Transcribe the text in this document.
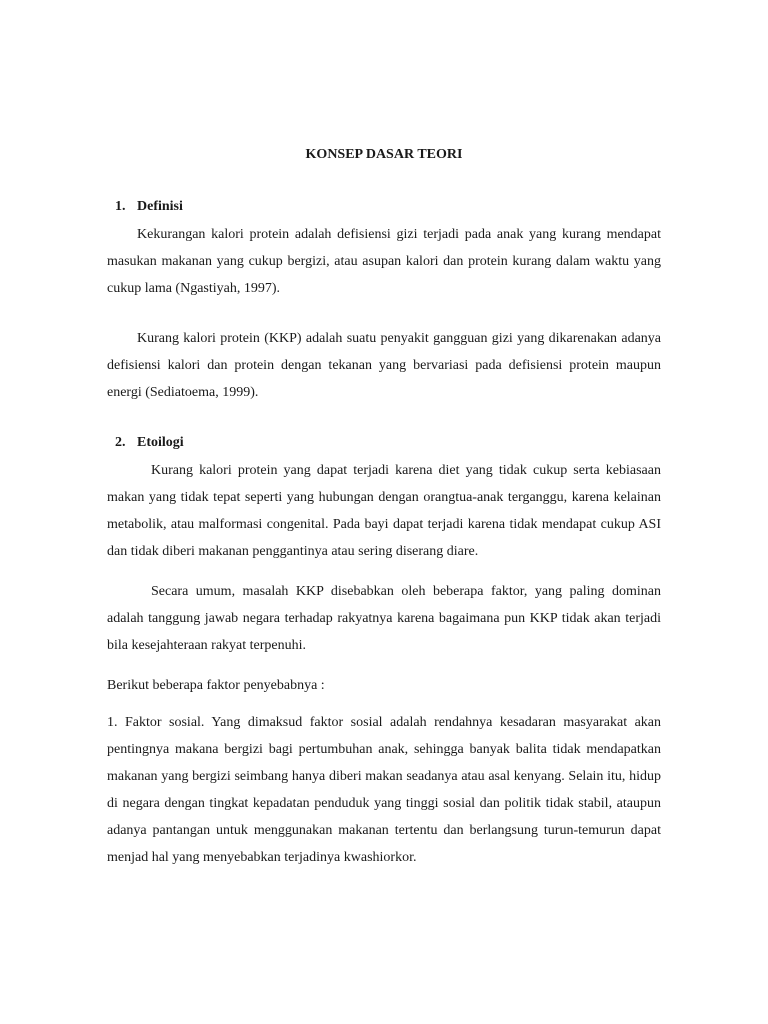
KONSEP DASAR TEORI
1. Definisi

Kekurangan kalori protein adalah defisiensi gizi terjadi pada anak yang kurang mendapat masukan makanan yang cukup bergizi, atau asupan kalori dan protein kurang dalam waktu yang cukup lama (Ngastiyah, 1997).

Kurang kalori protein (KKP) adalah suatu penyakit gangguan gizi yang dikarenakan adanya defisiensi kalori dan protein dengan tekanan yang bervariasi pada defisiensi protein maupun energi (Sediatoema, 1999).

2. Etoilogi

Kurang kalori protein yang dapat terjadi karena diet yang tidak cukup serta kebiasaan makan yang tidak tepat seperti yang hubungan dengan orangtua-anak terganggu, karena kelainan metabolik, atau malformasi congenital. Pada bayi dapat terjadi karena tidak mendapat cukup ASI dan tidak diberi makanan penggantinya atau sering diserang diare.

Secara umum, masalah KKP disebabkan oleh beberapa faktor, yang paling dominan adalah tanggung jawab negara terhadap rakyatnya karena bagaimana pun KKP tidak akan terjadi bila kesejahteraan rakyat terpenuhi.

Berikut beberapa faktor penyebabnya :

1. Faktor sosial. Yang dimaksud faktor sosial adalah rendahnya kesadaran masyarakat akan pentingnya makana bergizi bagi pertumbuhan anak, sehingga banyak balita tidak mendapatkan makanan yang bergizi seimbang hanya diberi makan seadanya atau asal kenyang. Selain itu, hidup di negara dengan tingkat kepadatan penduduk yang tinggi sosial dan politik tidak stabil, ataupun adanya pantangan untuk menggunakan makanan tertentu dan berlangsung turun-temurun dapat menjad hal yang menyebabkan terjadinya kwashiorkor.
